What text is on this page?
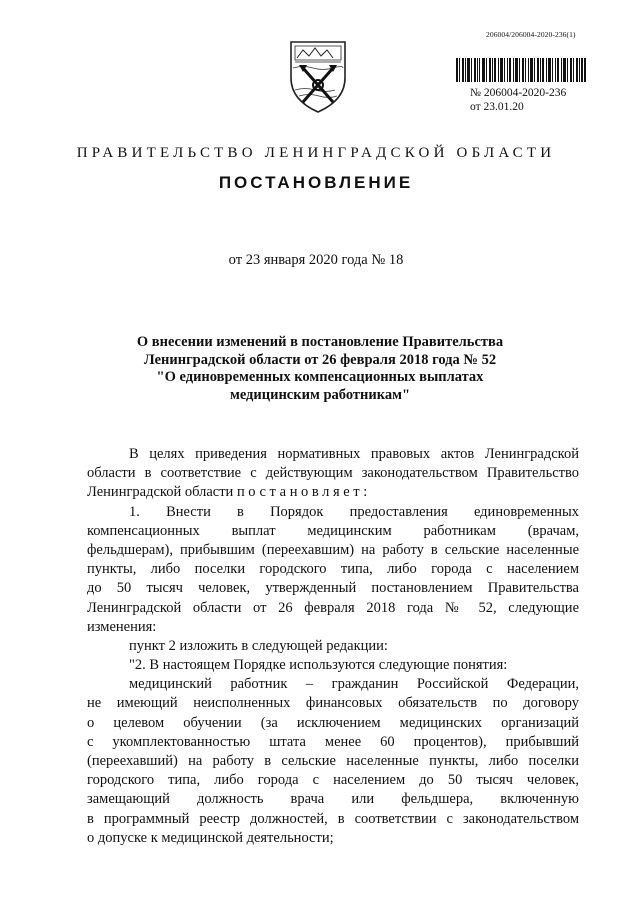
206004/206004-2020-236(1)
№ 206004-2020-236
от 23.01.20
ПРАВИТЕЛЬСТВО ЛЕНИНГРАДСКОЙ ОБЛАСТИ
ПОСТАНОВЛЕНИЕ
от 23 января 2020 года № 18
О внесении изменений в постановление Правительства
Ленинградской области от 26 февраля 2018 года № 52
"О единовременных компенсационных выплатах
медицинским работникам"
В целях приведения нормативных правовых актов Ленинградской
области в соответствие с действующим законодательством Правительство
Ленинградской области постановляет:
1. Внести в Порядок предоставления единовременных
компенсационных выплат медицинским работникам (врачам,
фельдшерам), прибывшим (переехавшим) на работу в сельские населенные
пункты, либо поселки городского типа, либо города с населением
до 50 тысяч человек, утвержденный постановлением Правительства
Ленинградской области от 26 февраля 2018 года № 52, следующие
изменения:
пункт 2 изложить в следующей редакции:
"2. В настоящем Порядке используются следующие понятия:
медицинский работник – гражданин Российской Федерации,
не имеющий неисполненных финансовых обязательств по договору
о целевом обучении (за исключением медицинских организаций
с укомплектованностью штата менее 60 процентов), прибывший
(переехавший) на работу в сельские населенные пункты, либо поселки
городского типа, либо города с населением до 50 тысяч человек,
замещающий должность врача или фельдшера, включенную
в программный реестр должностей, в соответствии с законодательством
о допуске к медицинской деятельности;
